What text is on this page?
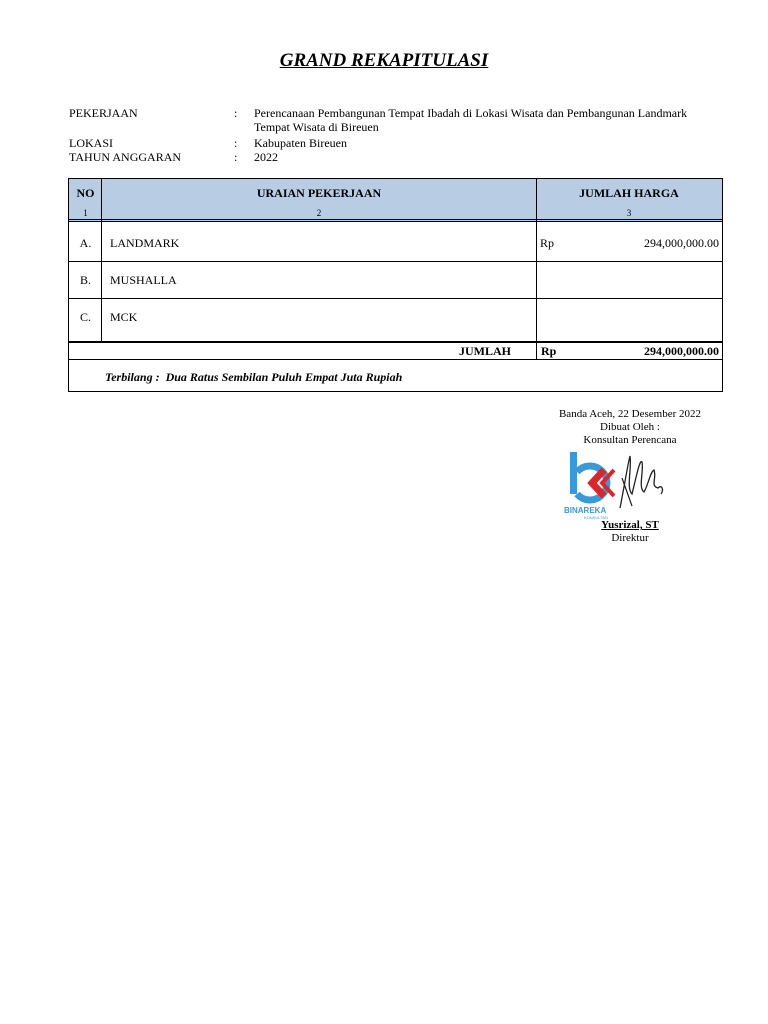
GRAND REKAPITULASI
PEKERJAAN	:	Perencanaan Pembangunan Tempat Ibadah di Lokasi Wisata dan Pembangunan Landmark
Tempat Wisata di Bireuen
LOKASI	:	Kabupaten Bireuen
TAHUN ANGGARAN	:	2022
NO	URAIAN PEKERJAAN	JUMLAH HARGA
1	2	3
A.	LANDMARK	Rp	294,000,000.00
B.	MUSHALLA
C.	MCK
JUMLAH	Rp	294,000,000.00
Terbilang : Dua Ratus Sembilan Puluh Empat Juta Rupiah
Banda Aceh, 22 Desember 2022
Dibuat Oleh :
Konsultan Perencana
BINAREKA
KONSULTAN
Yusrizal, ST
Direktur
